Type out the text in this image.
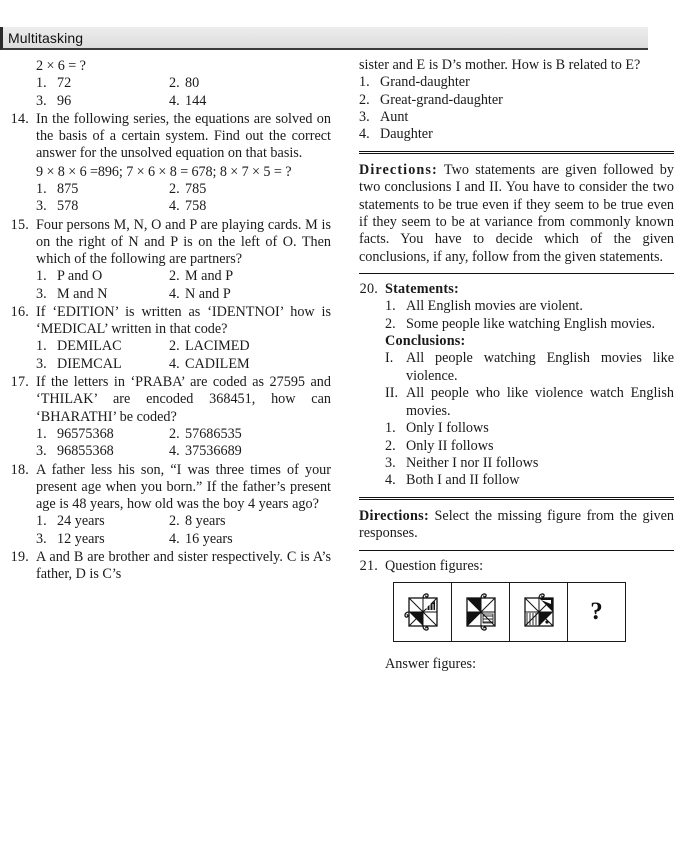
Multitasking
2 × 6 = ?
1. 72	2. 80
3. 96	4. 144
14. In the following series, the equations are solved on the basis of a certain system. Find out the correct answer for the unsolved equation on that basis.
9 × 8 × 6 =896; 7 × 6 × 8 = 678; 8 × 7 × 5 = ?
1. 875	2. 785
3. 578	4. 758
15. Four persons M, N, O and P are playing cards. M is on the right of N and P is on the left of O. Then which of the following are partners?
1. P and O	2. M and P
3. M and N	4. N and P
16. If ‘EDITION’ is written as ‘IDENTNOI’ how is ‘MEDICAL’ written in that code?
1. DEMILAC	2. LACIMED
3. DIEMCAL	4. CADILEM
17. If the letters in ‘PRABA’ are coded as 27595 and ‘THILAK’ are encoded 368451, how can ‘BHARATHI’ be coded?
1. 96575368	2. 57686535
3. 96855368	4. 37536689
18. A father less his son, “I was three times of your present age when you born.” If the father’s present age is 48 years, how old was the boy 4 years ago?
1. 24 years	2. 8 years
3. 12 years	4. 16 years
19. A and B are brother and sister respectively. C is A’s father, D is C’s
sister and E is D’s mother. How is B related to E?
1. Grand-daughter
2. Great-grand-daughter
3. Aunt
4. Daughter

Directions: Two statements are given followed by two conclusions I and II. You have to consider the two statements to be true even if they seem to be true even if they seem to be at variance from commonly known facts. You have to decide which of the given conclusions, if any, follow from the given statements.

20. Statements:
1. All English movies are violent.
2. Some people like watching English movies.
Conclusions:
I. All people watching English movies like violence.
II. All people who like violence watch English movies.
1. Only I follows
2. Only II follows
3. Neither I nor II follows
4. Both I and II follow

Directions: Select the missing figure from the given responses.

21. Question figures:
?
Answer figures:
